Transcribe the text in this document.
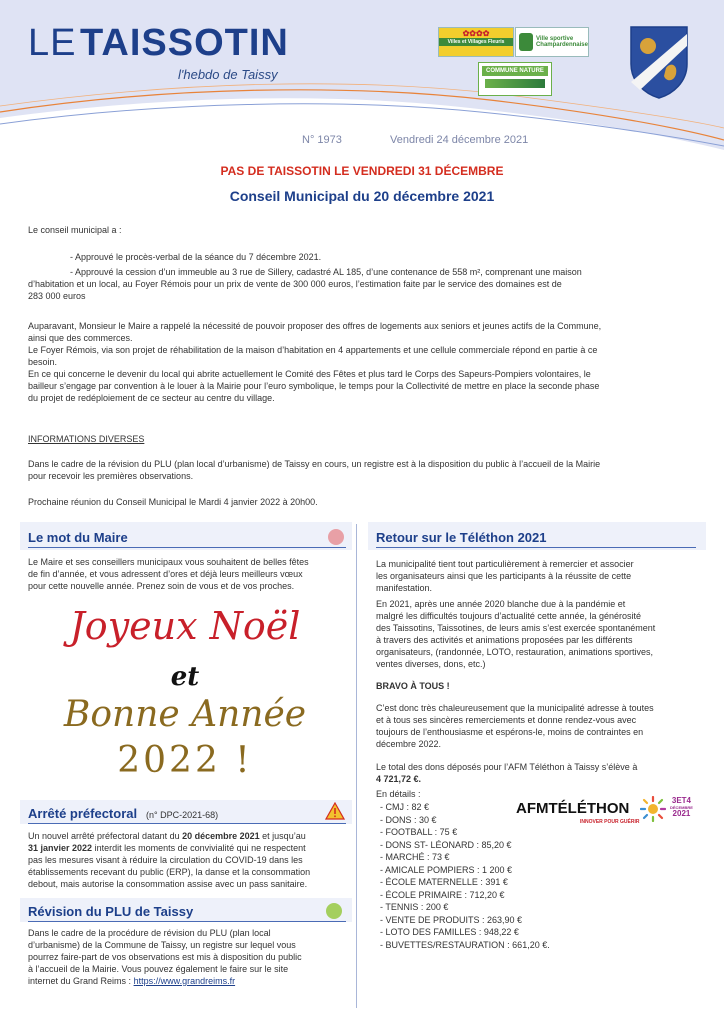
LE TAISSOTIN
l'hebdo de Taissy
✿✿✿✿
Villes et Villages Fleuris	Ville sportive Champardennaise
COMMUNE NATURE
N° 1973	Vendredi 24 décembre 2021
PAS DE TAISSOTIN LE VENDREDI 31 DÉCEMBRE
Conseil Municipal du 20 décembre 2021
Le conseil municipal a :
- Approuvé le procès-verbal de la séance du 7 décembre 2021.
- Approuvé la cession d’un immeuble au 3 rue de Sillery, cadastré AL 185, d’une contenance de 558 m², comprenant une maison
d’habitation et un local, au Foyer Rémois pour un prix de vente de 300 000 euros, l’estimation faite par le service des domaines est de
283 000 euros
Auparavant, Monsieur le Maire a rappelé la nécessité de pouvoir proposer des offres de logements aux seniors et jeunes actifs de la Commune,
ainsi que des commerces.
Le Foyer Rémois, via son projet de réhabilitation de la maison d’habitation en 4 appartements et une cellule commerciale répond en partie à ce
besoin.
En ce qui concerne le devenir du local qui abrite actuellement le Comité des Fêtes et plus tard le Corps des Sapeurs-Pompiers volontaires, le
bailleur s’engage par convention à le louer à la Mairie pour l’euro symbolique, le temps pour la Collectivité de mettre en place la seconde phase
du projet de redéploiement de ce secteur au centre du village.
INFORMATIONS DIVERSES
Dans le cadre de la révision du PLU (plan local d’urbanisme) de Taissy en cours, un registre est à la disposition du public à l’accueil de la Mairie
pour recevoir les premières observations.
Prochaine réunion du Conseil Municipal le Mardi 4 janvier 2022 à 20h00.
Le mot du Maire
Le Maire et ses conseillers municipaux vous souhaitent de belles fêtes
de fin d’année, et vous adressent d’ores et déjà leurs meilleurs vœux
pour cette nouvelle année. Prenez soin de vous et de vos proches.
Joyeux Noël
et
Bonne Année
2022 !
Arrêté préfectoral (n° DPC-2021-68)
Un nouvel arrêté préfectoral datant du 20 décembre 2021 et jusqu’au
31 janvier 2022 interdit les moments de convivialité qui ne respectent
pas les mesures visant à réduire la circulation du COVID-19 dans les
établissements recevant du public (ERP), la danse et la consommation
debout, mais autorise la consommation assise avec un pass sanitaire.
Révision du PLU de Taissy
Dans le cadre de la procédure de révision du PLU (plan local
d’urbanisme) de la Commune de Taissy, un registre sur lequel vous
pourrez faire-part de vos observations est mis à disposition du public
à l’accueil de la Mairie. Vous pouvez également le faire sur le site
internet du Grand Reims : https://www.grandreims.fr
Retour sur le Téléthon 2021
La municipalité tient tout particulièrement à remercier et associer
les organisateurs ainsi que les participants à la réussite de cette
manifestation.
En 2021, après une année 2020 blanche due à la pandémie et
malgré les difficultés toujours d’actualité cette année, la générosité
des Taissotins, Taissotines, de leurs amis s’est exercée spontanément
à travers des activités et animations proposées par les différents
organisateurs, (randonnée, LOTO, restauration, animations sportives,
ventes diverses, dons, etc.)
BRAVO À TOUS !
C’est donc très chaleureusement que la municipalité adresse à toutes
et à tous ses sincères remerciements et donne rendez-vous avec
toujours de l’enthousiasme et espérons-le, moins de contraintes en
décembre 2022.
Le total des dons déposés pour l’AFM Téléthon à Taissy s’élève à
4 721,72 €.
En détails :
- CMJ : 82 €
- DONS : 30 €
- FOOTBALL : 75 €
- DONS ST- LÉONARD : 85,20 €
- MARCHÉ : 73 €
- AMICALE POMPIERS : 1 200 €
- ÉCOLE MATERNELLE : 391 €
- ÉCOLE PRIMAIRE : 712,20 €
- TENNIS : 200 €
- VENTE DE PRODUITS : 263,90 €
- LOTO DES FAMILLES : 948,22 €
- BUVETTES/RESTAURATION : 661,20 €.
AFMTÉLÉTHON
INNOVER POUR GUÉRIR
3ET4
DÉCEMBRE
2021
